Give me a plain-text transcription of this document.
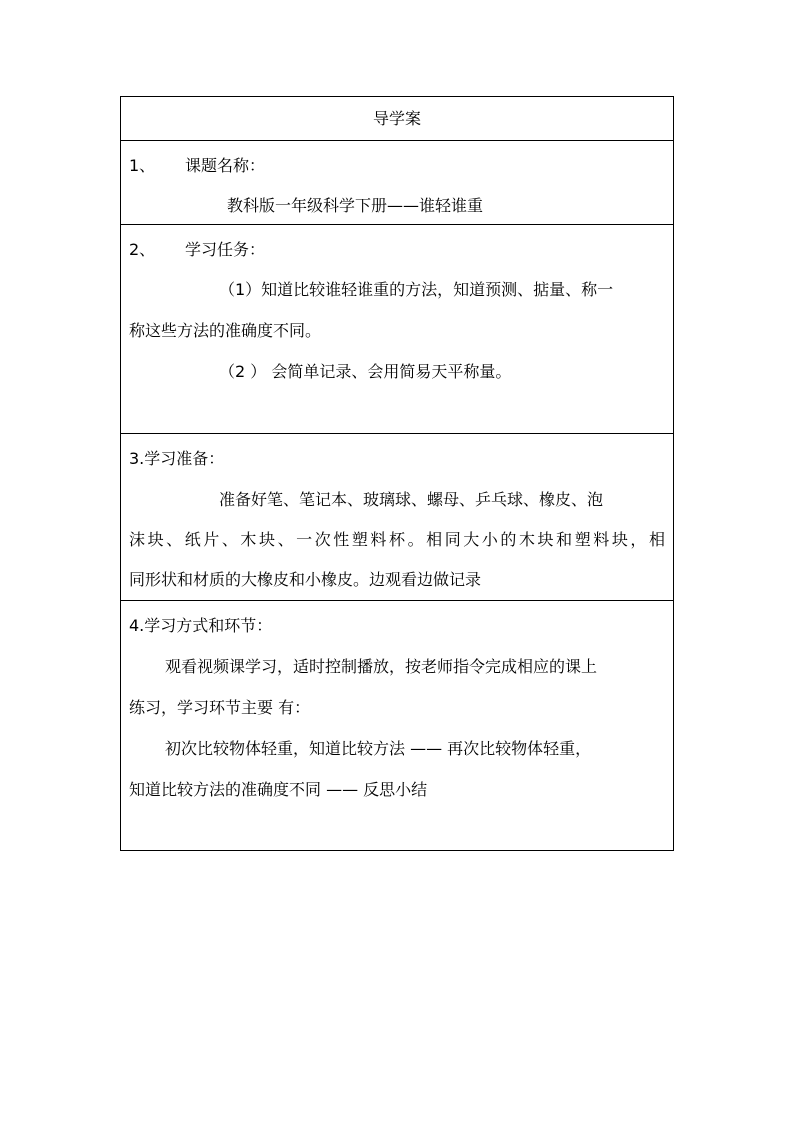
导学案
1、 课题名称：
教科版一年级科学下册——谁轻谁重
2、 学习任务：
（1）知道比较谁轻谁重的方法，知道预测、掂量、称一
称这些方法的准确度不同。
（2 ） 会简单记录、会用简易天平称量。
3.学习准备：
准备好笔、笔记本、玻璃球、螺母、乒乓球、橡皮、泡
沫块、纸片、木块、一次性塑料杯。相同大小的木块和塑料块，相
同形状和材质的大橡皮和小橡皮。边观看边做记录
4.学习方式和环节：
观看视频课学习，适时控制播放，按老师指令完成相应的课上
练习，学习环节主要 有：
初次比较物体轻重，知道比较方法 —— 再次比较物体轻重，
知道比较方法的准确度不同 —— 反思小结
